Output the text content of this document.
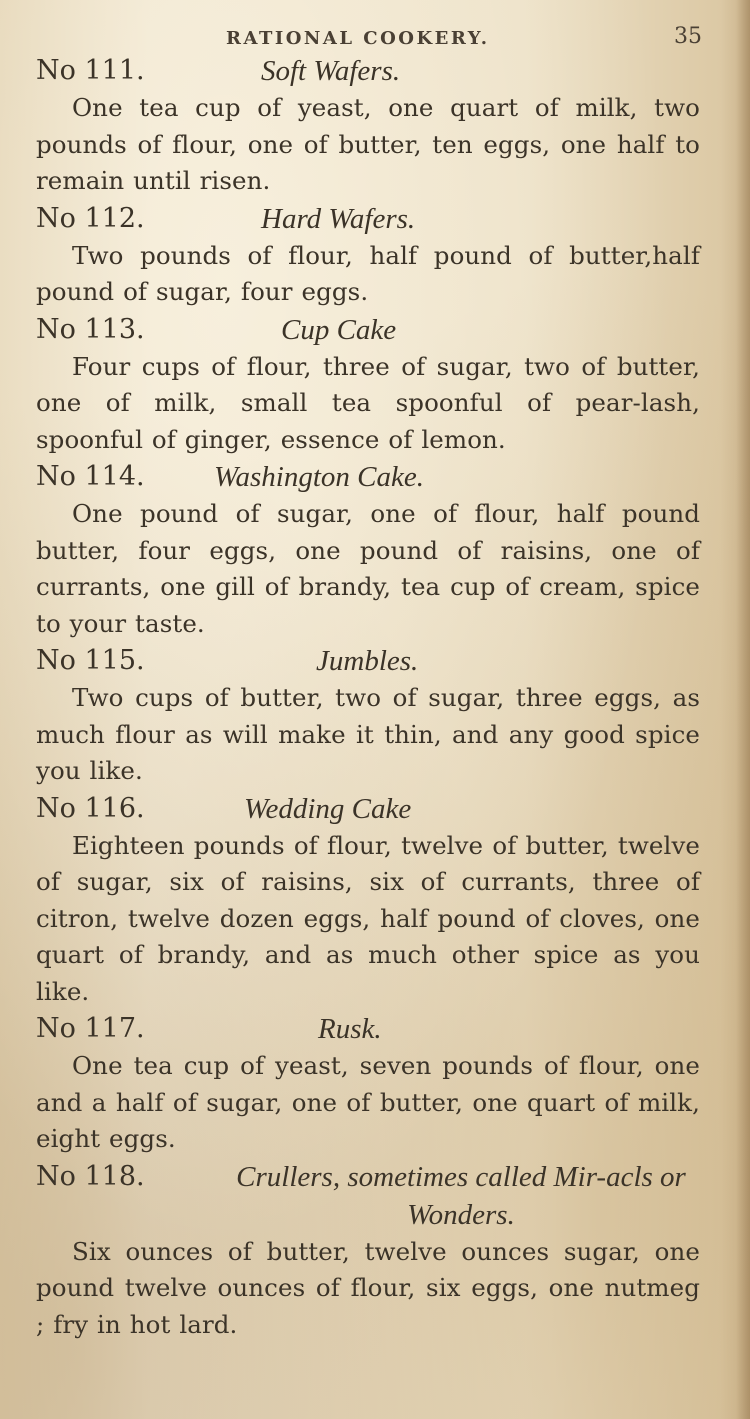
RATIONAL COOKERY.	35
No 111.	Soft Wafers.

One tea cup of yeast, one quart of milk, two pounds of flour, one of butter, ten eggs, one half to remain until risen.

No 112.	Hard Wafers.

Two pounds of flour, half pound of butter,half pound of sugar, four eggs.

No 113.	Cup Cake

Four cups of flour, three of sugar, two of butter, one of milk, small tea spoonful of pear-lash, spoonful of ginger, essence of lemon.

No 114. Washington Cake.

One pound of sugar, one of flour, half pound butter, four eggs, one pound of raisins, one of currants, one gill of brandy, tea cup of cream, spice to your taste.

No 115.	Jumbles.

Two cups of butter, two of sugar, three eggs, as much flour as will make it thin, and any good spice you like.

No 116.	Wedding Cake

Eighteen pounds of flour, twelve of butter, twelve of sugar, six of raisins, six of currants, three of citron, twelve dozen eggs, half pound of cloves, one quart of brandy, and as much other spice as you like.

No 117.	Rusk.

One tea cup of yeast, seven pounds of flour, one and a half of sugar, one of butter, one quart of milk, eight eggs.

No 118.	Crullers, sometimes called Mir-acls or Wonders.

Six ounces of butter, twelve ounces sugar, one pound twelve ounces of flour, six eggs, one nutmeg ; fry in hot lard.
